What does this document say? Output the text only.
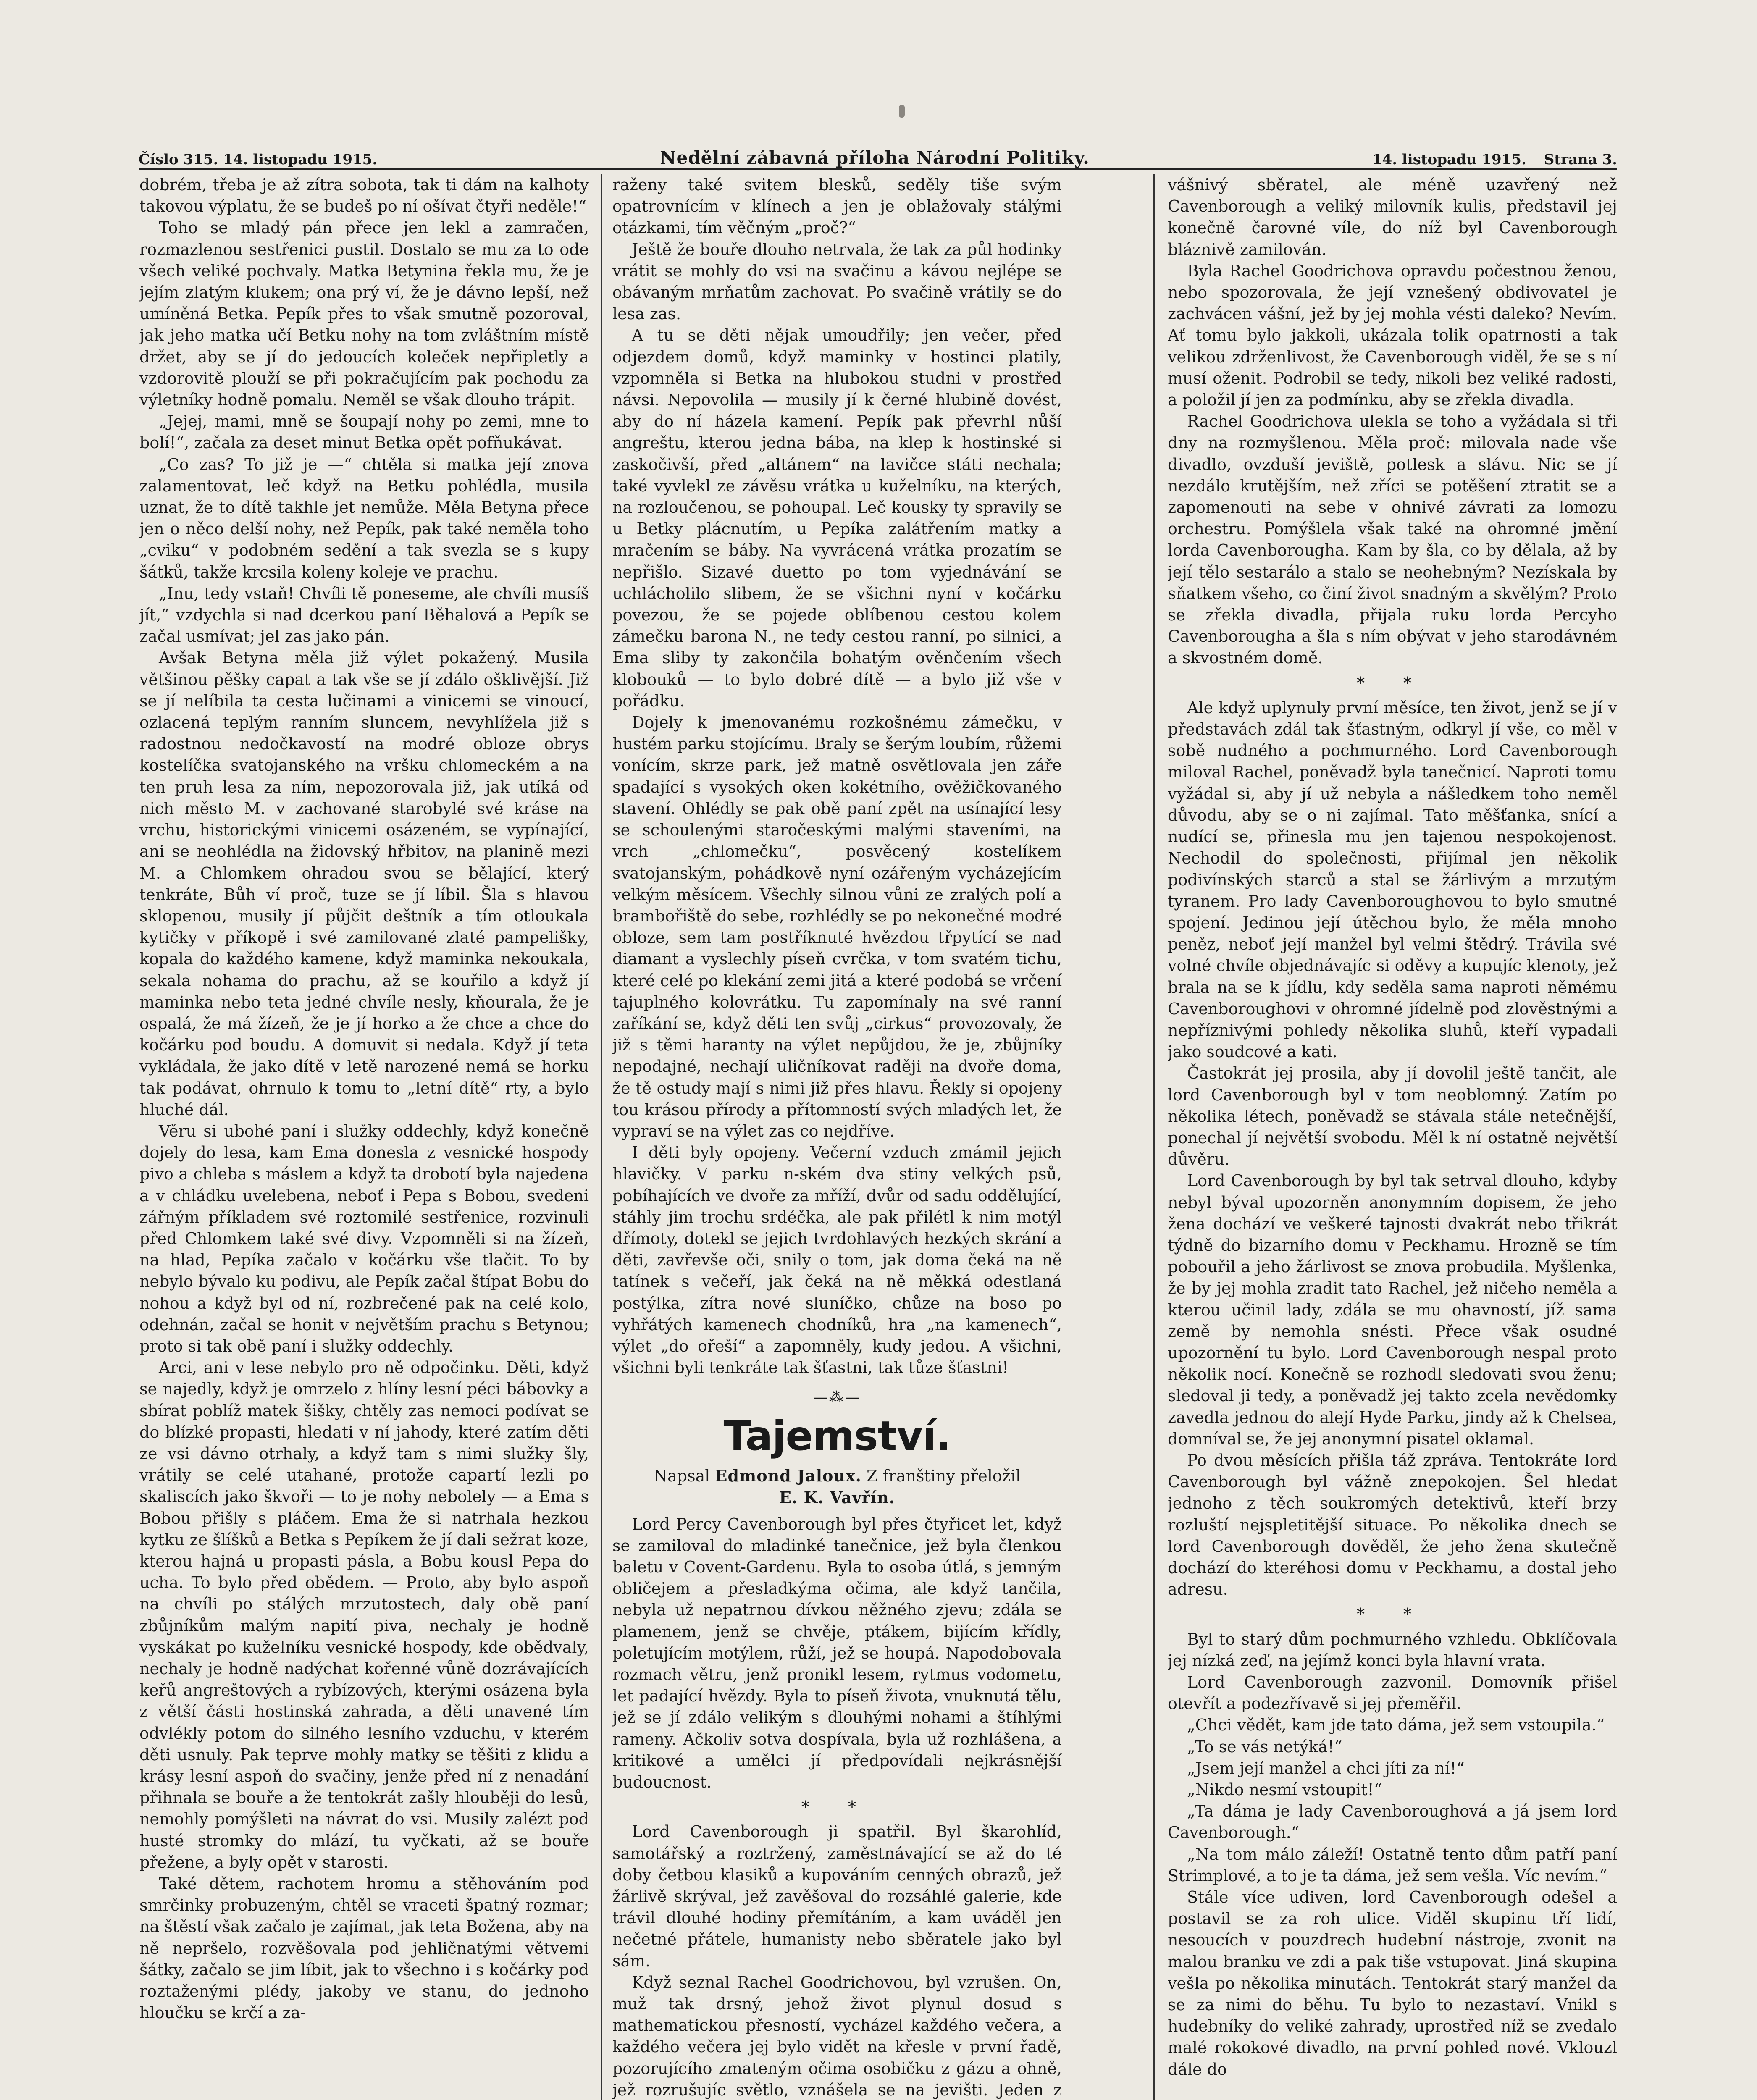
Číslo 315. 14. listopadu 1915.	Nedělní zábavná příloha Národní Politiky.	14. listopadu 1915. Strana 3.

dobrém, třeba je až zítra sobota, tak ti dám na kalhoty takovou výplatu, že se budeš po ní ošívat čtyři neděle!“

Toho se mladý pán přece jen lekl a zamračen, rozmazlenou sestřenici pustil. Dostalo se mu za to ode všech veliké pochvaly. Matka Betynina řekla mu, že je jejím zlatým klukem; ona prý ví, že je dávno lepší, než umíněná Betka. Pepík přes to však smutně pozoroval, jak jeho matka učí Betku nohy na tom zvláštním místě držet, aby se jí do jedoucích koleček nepřipletly a vzdorovitě plouží se při pokračujícím pak pochodu za výletníky hodně pomalu. Neměl se však dlouho trápit.

„Jejej, mami, mně se šoupají nohy po zemi, mne to bolí!“, začala za deset minut Betka opět pofňukávat.

„Co zas? To již je —“ chtěla si matka její znova zalamentovat, leč když na Betku pohlédla, musila uznat, že to dítě takhle jet nemůže. Měla Betyna přece jen o něco delší nohy, než Pepík, pak také neměla toho „cviku“ v podobném sedění a tak svezla se s kupy šátků, takže krcsila koleny koleje ve prachu.

„Inu, tedy vstaň! Chvíli tě poneseme, ale chvíli musíš jít,“ vzdychla si nad dcerkou paní Běhalová a Pepík se začal usmívat; jel zas jako pán.

Avšak Betyna měla již výlet pokažený. Musila většinou pěšky capat a tak vše se jí zdálo ošklivější. Již se jí nelíbila ta cesta lučinami a vinicemi se vinoucí, ozlacená teplým ranním sluncem, nevyhlížela již s radostnou nedočkavostí na modré obloze obrys kostelíčka svatojanského na vršku chlomeckém a na ten pruh lesa za ním, nepozorovala již, jak utíká od nich město M. v zachované starobylé své kráse na vrchu, historickými vinicemi osázeném, se vypínající, ani se neohlédla na židovský hřbitov, na planině mezi M. a Chlomkem ohradou svou se bělající, který tenkráte, Bůh ví proč, tuze se jí líbil. Šla s hlavou sklopenou, musily jí půjčit deštník a tím otloukala kytičky v příkopě i své zamilované zlaté pampelišky, kopala do každého kamene, když maminka nekoukala, sekala nohama do prachu, až se kouřilo a když jí maminka nebo teta jedné chvíle nesly, kňourala, že je ospalá, že má žízeň, že je jí horko a že chce a chce do kočárku pod boudu. A domuvit si nedala. Když jí teta vykládala, že jako dítě v letě narozené nemá se horku tak podávat, ohrnulo k tomu to „letní dítě“ rty, a bylo hluché dál.

Věru si ubohé paní i služky oddechly, když konečně dojely do lesa, kam Ema donesla z vesnické hospody pivo a chleba s máslem a když ta drobotí byla najedena a v chládku uvelebena, neboť i Pepa s Bobou, svedeni zářným příkladem své roztomilé sestřenice, rozvinuli před Chlomkem také své divy. Vzpomněli si na žízeň, na hlad, Pepíka začalo v kočárku vše tlačit. To by nebylo bývalo ku podivu, ale Pepík začal štípat Bobu do nohou a když byl od ní, rozbrečené pak na celé kolo, odehnán, začal se honit v největším prachu s Betynou; proto si tak obě paní i služky oddechly.

Arci, ani v lese nebylo pro ně odpočinku. Děti, když se najedly, když je omrzelo z hlíny lesní péci bábovky a sbírat poblíž matek šišky, chtěly zas nemoci podívat se do blízké propasti, hledati v ní jahody, které zatím děti ze vsi dávno otrhaly, a když tam s nimi služky šly, vrátily se celé utahané, protože capartí lezli po skaliscích jako škvoři — to je nohy nebolely — a Ema s Bobou přišly s pláčem. Ema že si natrhala hezkou kytku ze šlíšků a Betka s Pepíkem že jí dali sežrat koze, kterou hajná u propasti pásla, a Bobu kousl Pepa do ucha. To bylo před obědem. — Proto, aby bylo aspoň na chvíli po stálých mrzutostech, daly obě paní zbůjníkům malým napití piva, nechaly je hodně vyskákat po kuželníku vesnické hospody, kde obědvaly, nechaly je hodně nadýchat kořenné vůně dozrávajících keřů angreštových a rybízových, kterými osázena byla z větší části hostinská zahrada, a děti unavené tím odvlékly potom do silného lesního vzduchu, v kterém děti usnuly. Pak teprve mohly matky se těšiti z klidu a krásy lesní aspoň do svačiny, jenže před ní z nenadání přihnala se bouře a že tentokrát zašly hlouběji do lesů, nemohly pomýšleti na návrat do vsi. Musily zalézt pod husté stromky do mlází, tu vyčkati, až se bouře přežene, a byly opět v starosti.

Také dětem, rachotem hromu a stěhováním pod smrčinky probuzeným, chtěl se vraceti špatný rozmar; na štěstí však začalo je zajímat, jak teta Božena, aby na ně nepršelo, rozvěšovala pod jehličnatými větvemi šátky, začalo se jim líbit, jak to všechno i s kočárky pod roztaženými plédy, jakoby ve stanu, do jednoho hloučku se krčí a za-

raženy také svitem blesků, seděly tiše svým opatrovnícím v klínech a jen je oblažovaly stálými otázkami, tím věčným „proč?“

Ještě že bouře dlouho netrvala, že tak za půl hodinky vrátit se mohly do vsi na svačinu a kávou nejlépe se obávaným mrňatům zachovat. Po svačině vrátily se do lesa zas.

A tu se děti nějak umoudřily; jen večer, před odjezdem domů, když maminky v hostinci platily, vzpomněla si Betka na hlubokou studni v prostřed návsi. Nepovolila — musily jí k černé hlubině dovést, aby do ní házela kamení. Pepík pak převrhl nůší angreštu, kterou jedna bába, na klep k hostinské si zaskočivší, před „altánem“ na lavičce státi nechala; také vyvlekl ze závěsu vrátka u kuželníku, na kterých, na rozloučenou, se pohoupal. Leč kousky ty spravily se u Betky plácnutím, u Pepíka zalátřením matky a mračením se báby. Na vyvrácená vrátka prozatím se nepřišlo. Sizavé duetto po tom vyjednávání se uchlácholilo slibem, že se všichni nyní v kočárku povezou, že se pojede oblíbenou cestou kolem zámečku barona N., ne tedy cestou ranní, po silnici, a Ema sliby ty zakončila bohatým ověnčením všech klobouků — to bylo dobré dítě — a bylo již vše v pořádku.

Dojely k jmenovanému rozkošnému zámečku, v hustém parku stojícímu. Braly se šerým loubím, růžemi vonícím, skrze park, jež matně osvětlovala jen záře spadající s vysokých oken kokétního, ověžičkovaného stavení. Ohlédly se pak obě paní zpět na usínající lesy se schoulenými staročeskými malými staveními, na vrch „chlomečku“, posvěcený kostelíkem svatojanským, pohádkově nyní ozářeným vycházejícím velkým měsícem. Všechly silnou vůni ze zralých polí a brambořiště do sebe, rozhlédly se po nekonečné modré obloze, sem tam postříknuté hvězdou třpytící se nad diamant a vyslechly píseň cvrčka, v tom svatém tichu, které celé po klekání zemi jitá a které podobá se vrčení tajuplného kolovrátku. Tu zapomínaly na své ranní zaříkání se, když děti ten svůj „cirkus“ provozovaly, že již s těmi haranty na výlet nepůjdou, že je, zbůjníky nepodajné, nechají uličníkovat raději na dvoře doma, že tě ostudy mají s nimi již přes hlavu. Řekly si opojeny tou krásou přírody a přítomností svých mladých let, že vypraví se na výlet zas co nejdříve.

I děti byly opojeny. Večerní vzduch zmámil jejich hlavičky. V parku n-ském dva stiny velkých psů, pobíhajících ve dvoře za mříží, dvůr od sadu oddělující, stáhly jim trochu srdéčka, ale pak přilétl k nim motýl dřímoty, dotekl se jejich tvrdohlavých hezkých skrání a děti, zavřevše oči, snily o tom, jak doma čeká na ně tatínek s večeří, jak čeká na ně měkká odestlaná postýlka, zítra nové sluníčko, chůze na boso po vyhřátých kamenech chodníků, hra „na kamenech“, výlet „do ořeší“ a zapomněly, kudy jedou. A všichni, všichni byli tenkráte tak šťastni, tak tůze šťastni!

—⁂—
Tajemství.
Napsal Edmond Jaloux. Z franštiny přeložil
E. K. Vavřín.

Lord Percy Cavenborough byl přes čtyřicet let, když se zamiloval do mladinké tanečnice, jež byla členkou baletu v Covent-Gardenu. Byla to osoba útlá, s jemným obličejem a přesladkýma očima, ale když tančila, nebyla už nepatrnou dívkou něžného zjevu; zdála se plamenem, jenž se chvěje, ptákem, bijícím křídly, poletujícím motýlem, růží, jež se houpá. Napodobovala rozmach větru, jenž pronikl lesem, rytmus vodometu, let padající hvězdy. Byla to píseň života, vnuknutá tělu, jež se jí zdálo velikým s dlouhými nohami a štíhlými rameny. Ačkoliv sotva dospívala, byla už rozhlášena, a kritikové a umělci jí předpovídali nejkrásnější budoucnost.

* *

Lord Cavenborough ji spatřil. Byl škarohlíd, samotářský a roztržený, zaměstnávající se až do té doby četbou klasiků a kupováním cenných obrazů, jež žárlivě skrýval, jež zavěšoval do rozsáhlé galerie, kde trávil dlouhé hodiny přemítáním, a kam uváděl jen nečetné přátele, humanisty nebo sběratele jako byl sám.

Když seznal Rachel Goodrichovou, byl vzrušen. On, muž tak drsný, jehož život plynul dosud s mathematickou přesností, vycházel každého večera, a každého večera jej bylo vidět na křesle v první řadě, pozorujícího zmateným očima osobičku z gázu a ohně, jež rozrušujíc světlo, vznášela se na jevišti. Jeden z

vášnivý sběratel, ale méně uzavřený než Cavenborough a veliký milovník kulis, představil jej konečně čarovné víle, do níž byl Cavenborough bláznivě zamilován.

Byla Rachel Goodrichova opravdu počestnou ženou, nebo spozorovala, že její vznešený obdivovatel je zachvácen vášní, jež by jej mohla vésti daleko? Nevím. Ať tomu bylo jakkoli, ukázala tolik opatrnosti a tak velikou zdrženlivost, že Cavenborough viděl, že se s ní musí oženit. Podrobil se tedy, nikoli bez veliké radosti, a položil jí jen za podmínku, aby se zřekla divadla.

Rachel Goodrichova ulekla se toho a vyžádala si tři dny na rozmyšlenou. Měla proč: milovala nade vše divadlo, ovzduší jeviště, potlesk a slávu. Nic se jí nezdálo krutějším, než zříci se potěšení ztratit se a zapomenouti na sebe v ohnivé závrati za lomozu orchestru. Pomýšlela však také na ohromné jmění lorda Cavenborougha. Kam by šla, co by dělala, až by její tělo sestarálo a stalo se neohebným? Nezískala by sňatkem všeho, co činí život snadným a skvělým? Proto se zřekla divadla, přijala ruku lorda Percyho Cavenborougha a šla s ním obývat v jeho starodávném a skvostném domě.

* *

Ale když uplynuly první měsíce, ten život, jenž se jí v představách zdál tak šťastným, odkryl jí vše, co měl v sobě nudného a pochmurného. Lord Cavenborough miloval Rachel, poněvadž byla tanečnicí. Naproti tomu vyžádal si, aby jí už nebyla a nášledkem toho neměl důvodu, aby se o ni zajímal. Tato měšťanka, snící a nudící se, přinesla mu jen tajenou nespokojenost. Nechodil do společnosti, přijímal jen několik podivínských starců a stal se žárlivým a mrzutým tyranem. Pro lady Cavenboroughovou to bylo smutné spojení. Jedinou její útěchou bylo, že měla mnoho peněz, neboť její manžel byl velmi štědrý. Trávila své volné chvíle objednávajíc si oděvy a kupujíc klenoty, jež brala na se k jídlu, kdy seděla sama naproti němému Cavenboroughovi v ohromné jídelně pod zlověstnými a nepříznivými pohledy několika sluhů, kteří vypadali jako soudcové a kati.

Častokrát jej prosila, aby jí dovolil ještě tančit, ale lord Cavenborough byl v tom neoblomný. Zatím po několika létech, poněvadž se stávala stále netečnější, ponechal jí největší svobodu. Měl k ní ostatně největší důvěru.

Lord Cavenborough by byl tak setrval dlouho, kdyby nebyl býval upozorněn anonymním dopisem, že jeho žena dochází ve veškeré tajnosti dvakrát nebo třikrát týdně do bizarního domu v Peckhamu. Hrozně se tím pobouřil a jeho žárlivost se znova probudila. Myšlenka, že by jej mohla zradit tato Rachel, jež ničeho neměla a kterou učinil lady, zdála se mu ohavností, jíž sama země by nemohla snésti. Přece však osudné upozornění tu bylo. Lord Cavenborough nespal proto několik nocí. Konečně se rozhodl sledovati svou ženu; sledoval ji tedy, a poněvadž jej takto zcela nevědomky zavedla jednou do alejí Hyde Parku, jindy až k Chelsea, domníval se, že jej anonymní pisatel oklamal.

Po dvou měsících přišla táž zpráva. Tentokráte lord Cavenborough byl vážně znepokojen. Šel hledat jednoho z těch soukromých detektivů, kteří brzy rozluští nejspletitější situace. Po několika dnech se lord Cavenborough dověděl, že jeho žena skutečně dochází do kteréhosi domu v Peckhamu, a dostal jeho adresu.

* *

Byl to starý dům pochmurného vzhledu. Obklíčovala jej nízká zeď, na jejímž konci byla hlavní vrata.

Lord Cavenborough zazvonil. Domovník přišel otevřít a podezřívavě si jej přeměřil.

„Chci vědět, kam jde tato dáma, jež sem vstoupila.“

„To se vás netýká!“

„Jsem její manžel a chci jíti za ní!“

„Nikdo nesmí vstoupit!“

„Ta dáma je lady Cavenboroughová a já jsem lord Cavenborough.“

„Na tom málo záleží! Ostatně tento dům patří paní Strimplové, a to je ta dáma, jež sem vešla. Víc nevím.“

Stále více udiven, lord Cavenborough odešel a postavil se za roh ulice. Viděl skupinu tří lidí, nesoucích v pouzdrech hudební nástroje, zvonit na malou branku ve zdi a pak tiše vstupovat. Jiná skupina vešla po několika minutách. Tentokrát starý manžel da se za nimi do běhu. Tu bylo to nezastaví. Vnikl s hudebníky do veliké zahrady, uprostřed níž se zvedalo malé rokokové divadlo, na první pohled nové. Vklouzl dále do
